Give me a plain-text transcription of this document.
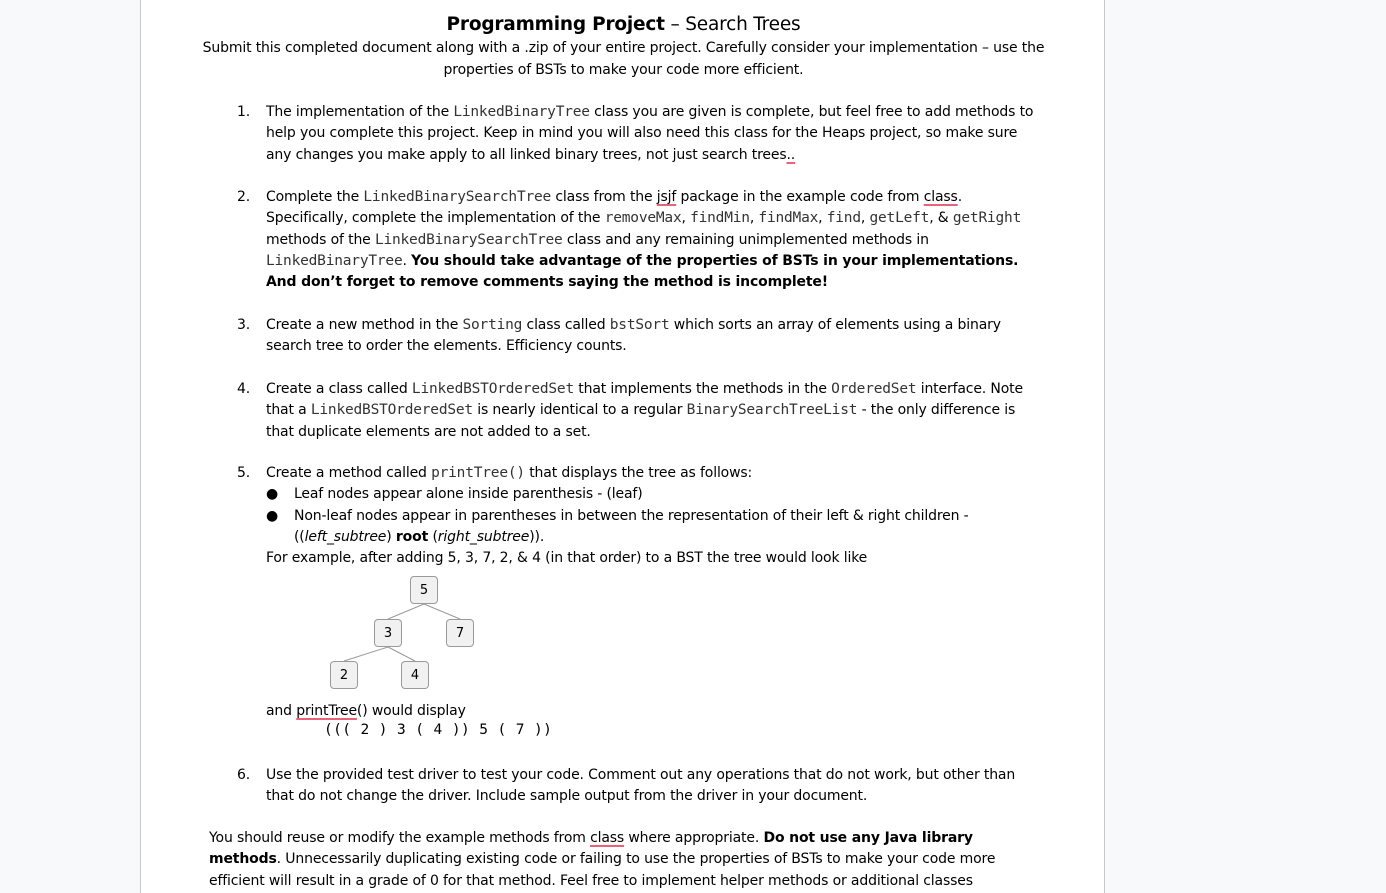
Programming Project – Search Trees
Submit this completed document along with a .zip of your entire project. Carefully consider your implementation – use the properties of BSTs to make your code more efficient.
1.	The implementation of the LinkedBinaryTree class you are given is complete, but feel free to add methods to help you complete this project. Keep in mind you will also need this class for the Heaps project, so make sure any changes you make apply to all linked binary trees, not just search trees..
2.	Complete the LinkedBinarySearchTree class from the jsjf package in the example code from class. Specifically, complete the implementation of the removeMax, findMin, findMax, find, getLeft, & getRight methods of the LinkedBinarySearchTree class and any remaining unimplemented methods in LinkedBinaryTree. You should take advantage of the properties of BSTs in your implementations. And don’t forget to remove comments saying the method is incomplete!
3.	Create a new method in the Sorting class called bstSort which sorts an array of elements using a binary search tree to order the elements. Efficiency counts.
4.	Create a class called LinkedBSTOrderedSet that implements the methods in the OrderedSet interface. Note that a LinkedBSTOrderedSet is nearly identical to a regular BinarySearchTreeList - the only difference is that duplicate elements are not added to a set.
5.	Create a method called printTree() that displays the tree as follows:
●	Leaf nodes appear alone inside parenthesis - (leaf)
●	Non-leaf nodes appear in parentheses in between the representation of their left & right children - ((left_subtree) root (right_subtree)).
For example, after adding 5, 3, 7, 2, & 4 (in that order) to a BST the tree would look like
5
3	7
2	4
and printTree() would display
((( 2 ) 3 ( 4 )) 5 ( 7 ))
6.	Use the provided test driver to test your code. Comment out any operations that do not work, but other than that do not change the driver. Include sample output from the driver in your document.
You should reuse or modify the example methods from class where appropriate. Do not use any Java library methods. Unnecessarily duplicating existing code or failing to use the properties of BSTs to make your code more efficient will result in a grade of 0 for that method. Feel free to implement helper methods or additional classes
